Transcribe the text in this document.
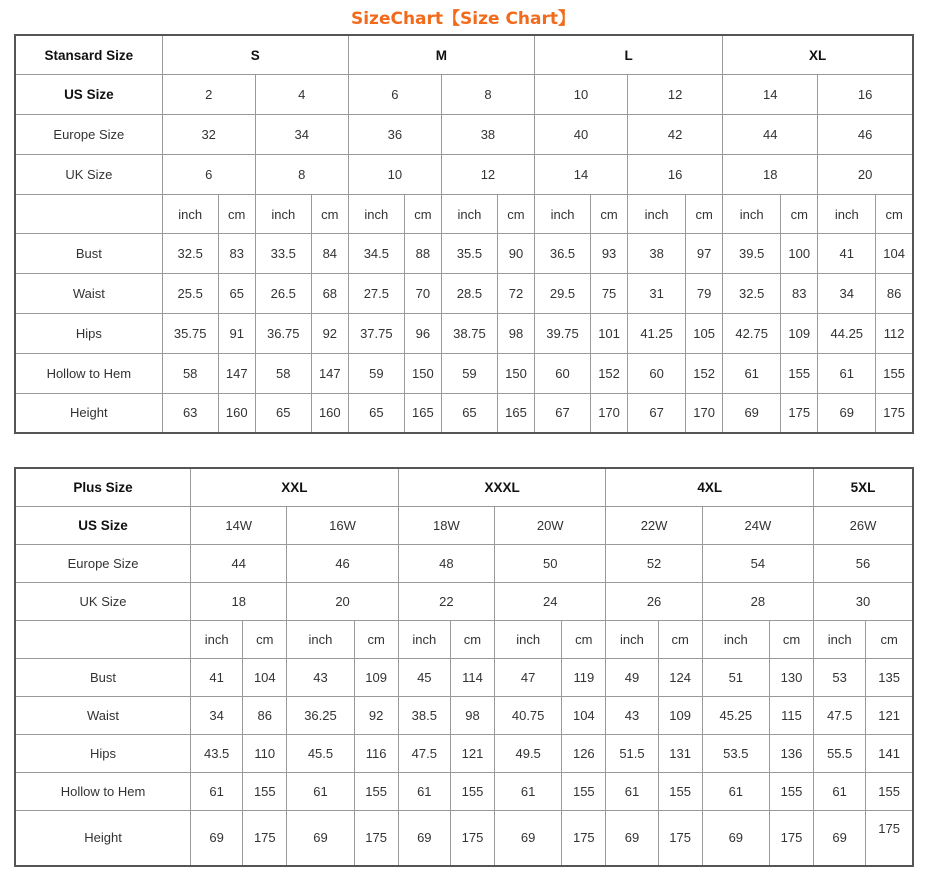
SizeChart【Size Chart】
Stansard Size	S				M				L				XL			
US Size	2		4		6		8		10		12		14		16	
Europe Size	32		34		36		38		40		42		44		46	
UK Size	6		8		10		12		14		16		18		20	
	inch	cm	inch	cm	inch	cm	inch	cm	inch	cm	inch	cm	inch	cm	inch	cm
Bust	32.5	83	33.5	84	34.5	88	35.5	90	36.5	93	38	97	39.5	100	41	104
Waist	25.5	65	26.5	68	27.5	70	28.5	72	29.5	75	31	79	32.5	83	34	86
Hips	35.75	91	36.75	92	37.75	96	38.75	98	39.75	101	41.25	105	42.75	109	44.25	112
Hollow to Hem	58	147	58	147	59	150	59	150	60	152	60	152	61	155	61	155
Height	63	160	65	160	65	165	65	165	67	170	67	170	69	175	69	175
Plus Size	XXL				XXXL				4XL				5XL	
US Size	14W		16W		18W		20W		22W		24W		26W	
Europe Size	44		46		48		50		52		54		56	
UK Size	18		20		22		24		26		28		30	
	inch	cm	inch	cm	inch	cm	inch	cm	inch	cm	inch	cm	inch	cm
Bust	41	104	43	109	45	114	47	119	49	124	51	130	53	135
Waist	34	86	36.25	92	38.5	98	40.75	104	43	109	45.25	115	47.5	121
Hips	43.5	110	45.5	116	47.5	121	49.5	126	51.5	131	53.5	136	55.5	141
Hollow to Hem	61	155	61	155	61	155	61	155	61	155	61	155	61	155
Height	69	175	69	175	69	175	69	175	69	175	69	175	69	175
